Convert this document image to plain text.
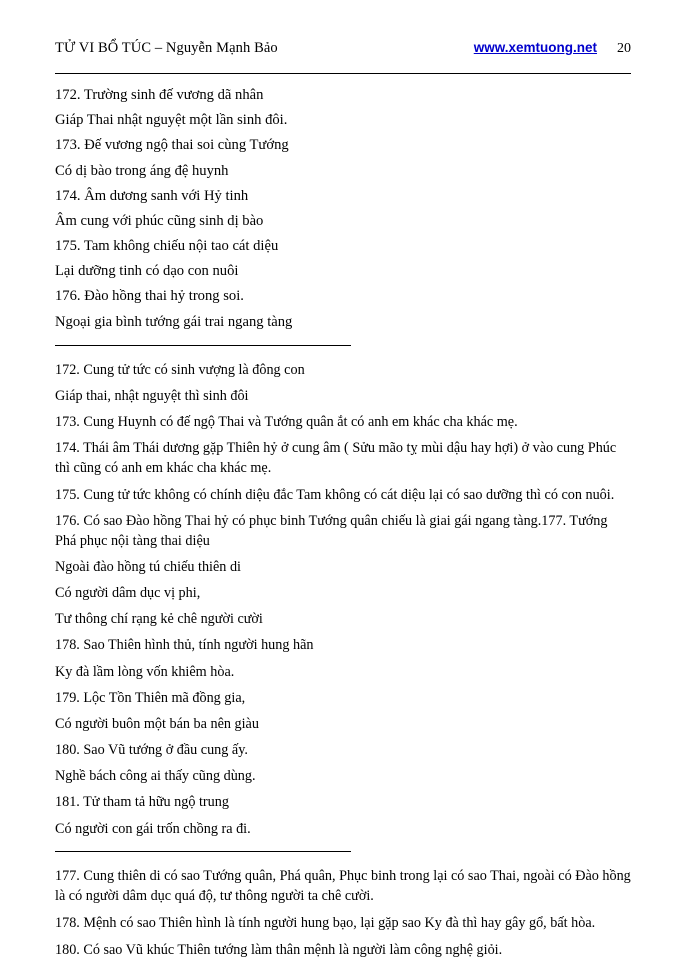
TỬ VI BỔ TÚC – Nguyễn Mạnh Bảo	www.xemtuong.net 20

172. Trường sinh đế vương dã nhân

Giáp Thai nhật nguyệt một lần sinh đôi.

173. Đế vương ngộ thai soi cùng Tướng

Có dị bào trong áng đệ huynh

174. Âm dương sanh với Hỷ tinh

Âm cung với phúc cũng sinh dị bào

175. Tam không chiếu nội tao cát diệu

Lại dưỡng tinh có dạo con nuôi

176. Đào hồng thai hỷ trong soi.

Ngoại gia bình tướng gái trai ngang tàng

172. Cung tử tức có sinh vượng là đông con

Giáp thai, nhật nguyệt thì sinh đôi

173. Cung Huynh có đế ngộ Thai và Tướng quân ắt có anh em khác cha khác mẹ.

174. Thái âm Thái dương gặp Thiên hỷ ở cung âm ( Sửu mão tỵ mùi dậu hay hợi) ở vào cung Phúc thì cũng có anh em khác cha khác mẹ.

175. Cung tử tức không có chính diệu đắc Tam không có cát diệu lại có sao dưỡng thì có con nuôi.

176. Có sao Đào hồng Thai hỷ có phục binh Tướng quân chiếu là giai gái ngang tàng.177. Tướng Phá phục nội tàng thai diệu

Ngoài đào hồng tú chiếu thiên di

Có người dâm dục vị phi,

Tư thông chí rạng kẻ chê người cười

178. Sao Thiên hình thủ, tính người hung hãn

Ky đà lầm lòng vốn khiêm hòa.

179. Lộc Tồn Thiên mã đồng gia,

Có người buôn một bán ba nên giàu

180. Sao Vũ tướng ở đầu cung ấy.

Nghề bách công ai thấy cũng dùng.

181. Tử tham tả hữu ngộ trung

Có người con gái trốn chồng ra đi.

177. Cung thiên di có sao Tướng quân, Phá quân, Phục binh trong lại có sao Thai, ngoài có Đào hồng là có người dâm dục quá độ, tư thông người ta chê cười.

178. Mệnh có sao Thiên hình là tính người hung bạo, lại gặp sao Ky đà thì hay gây gổ, bất hòa.

180. Có sao Vũ khúc Thiên tướng làm thân mệnh là người làm công nghệ giỏi.
